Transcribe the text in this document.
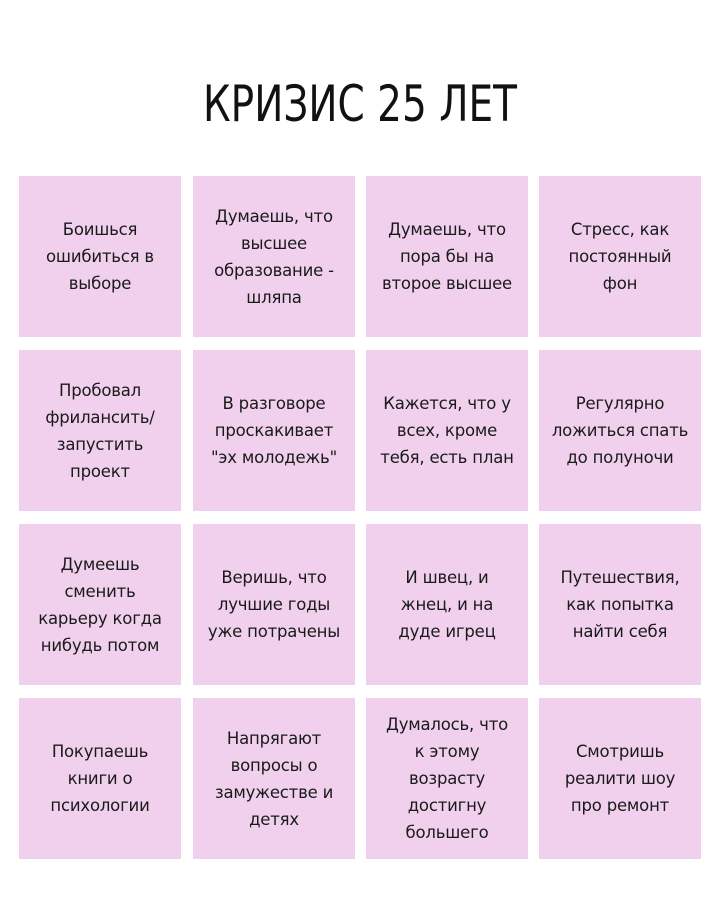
КРИЗИС 25 ЛЕТ
Боишься
ошибиться в
выборе
Думаешь, что
высшее
образование -
шляпа
Думаешь, что
пора бы на
второе высшее
Стресс, как
постоянный
фон
Пробовал
фрилансить/
запустить
проект
В разговоре
проскакивает
"эх молодежь"
Кажется, что у
всех, кроме
тебя, есть план
Регулярно
ложиться спать
до полуночи
Думеешь
сменить
карьеру когда
нибудь потом
Веришь, что
лучшие годы
уже потрачены
И швец, и
жнец, и на
дуде игрец
Путешествия,
как попытка
найти себя
Покупаешь
книги о
психологии
Напрягают
вопросы о
замужестве и
детях
Думалось, что
к этому
возрасту
достигну
большего
Смотришь
реалити шоу
про ремонт
